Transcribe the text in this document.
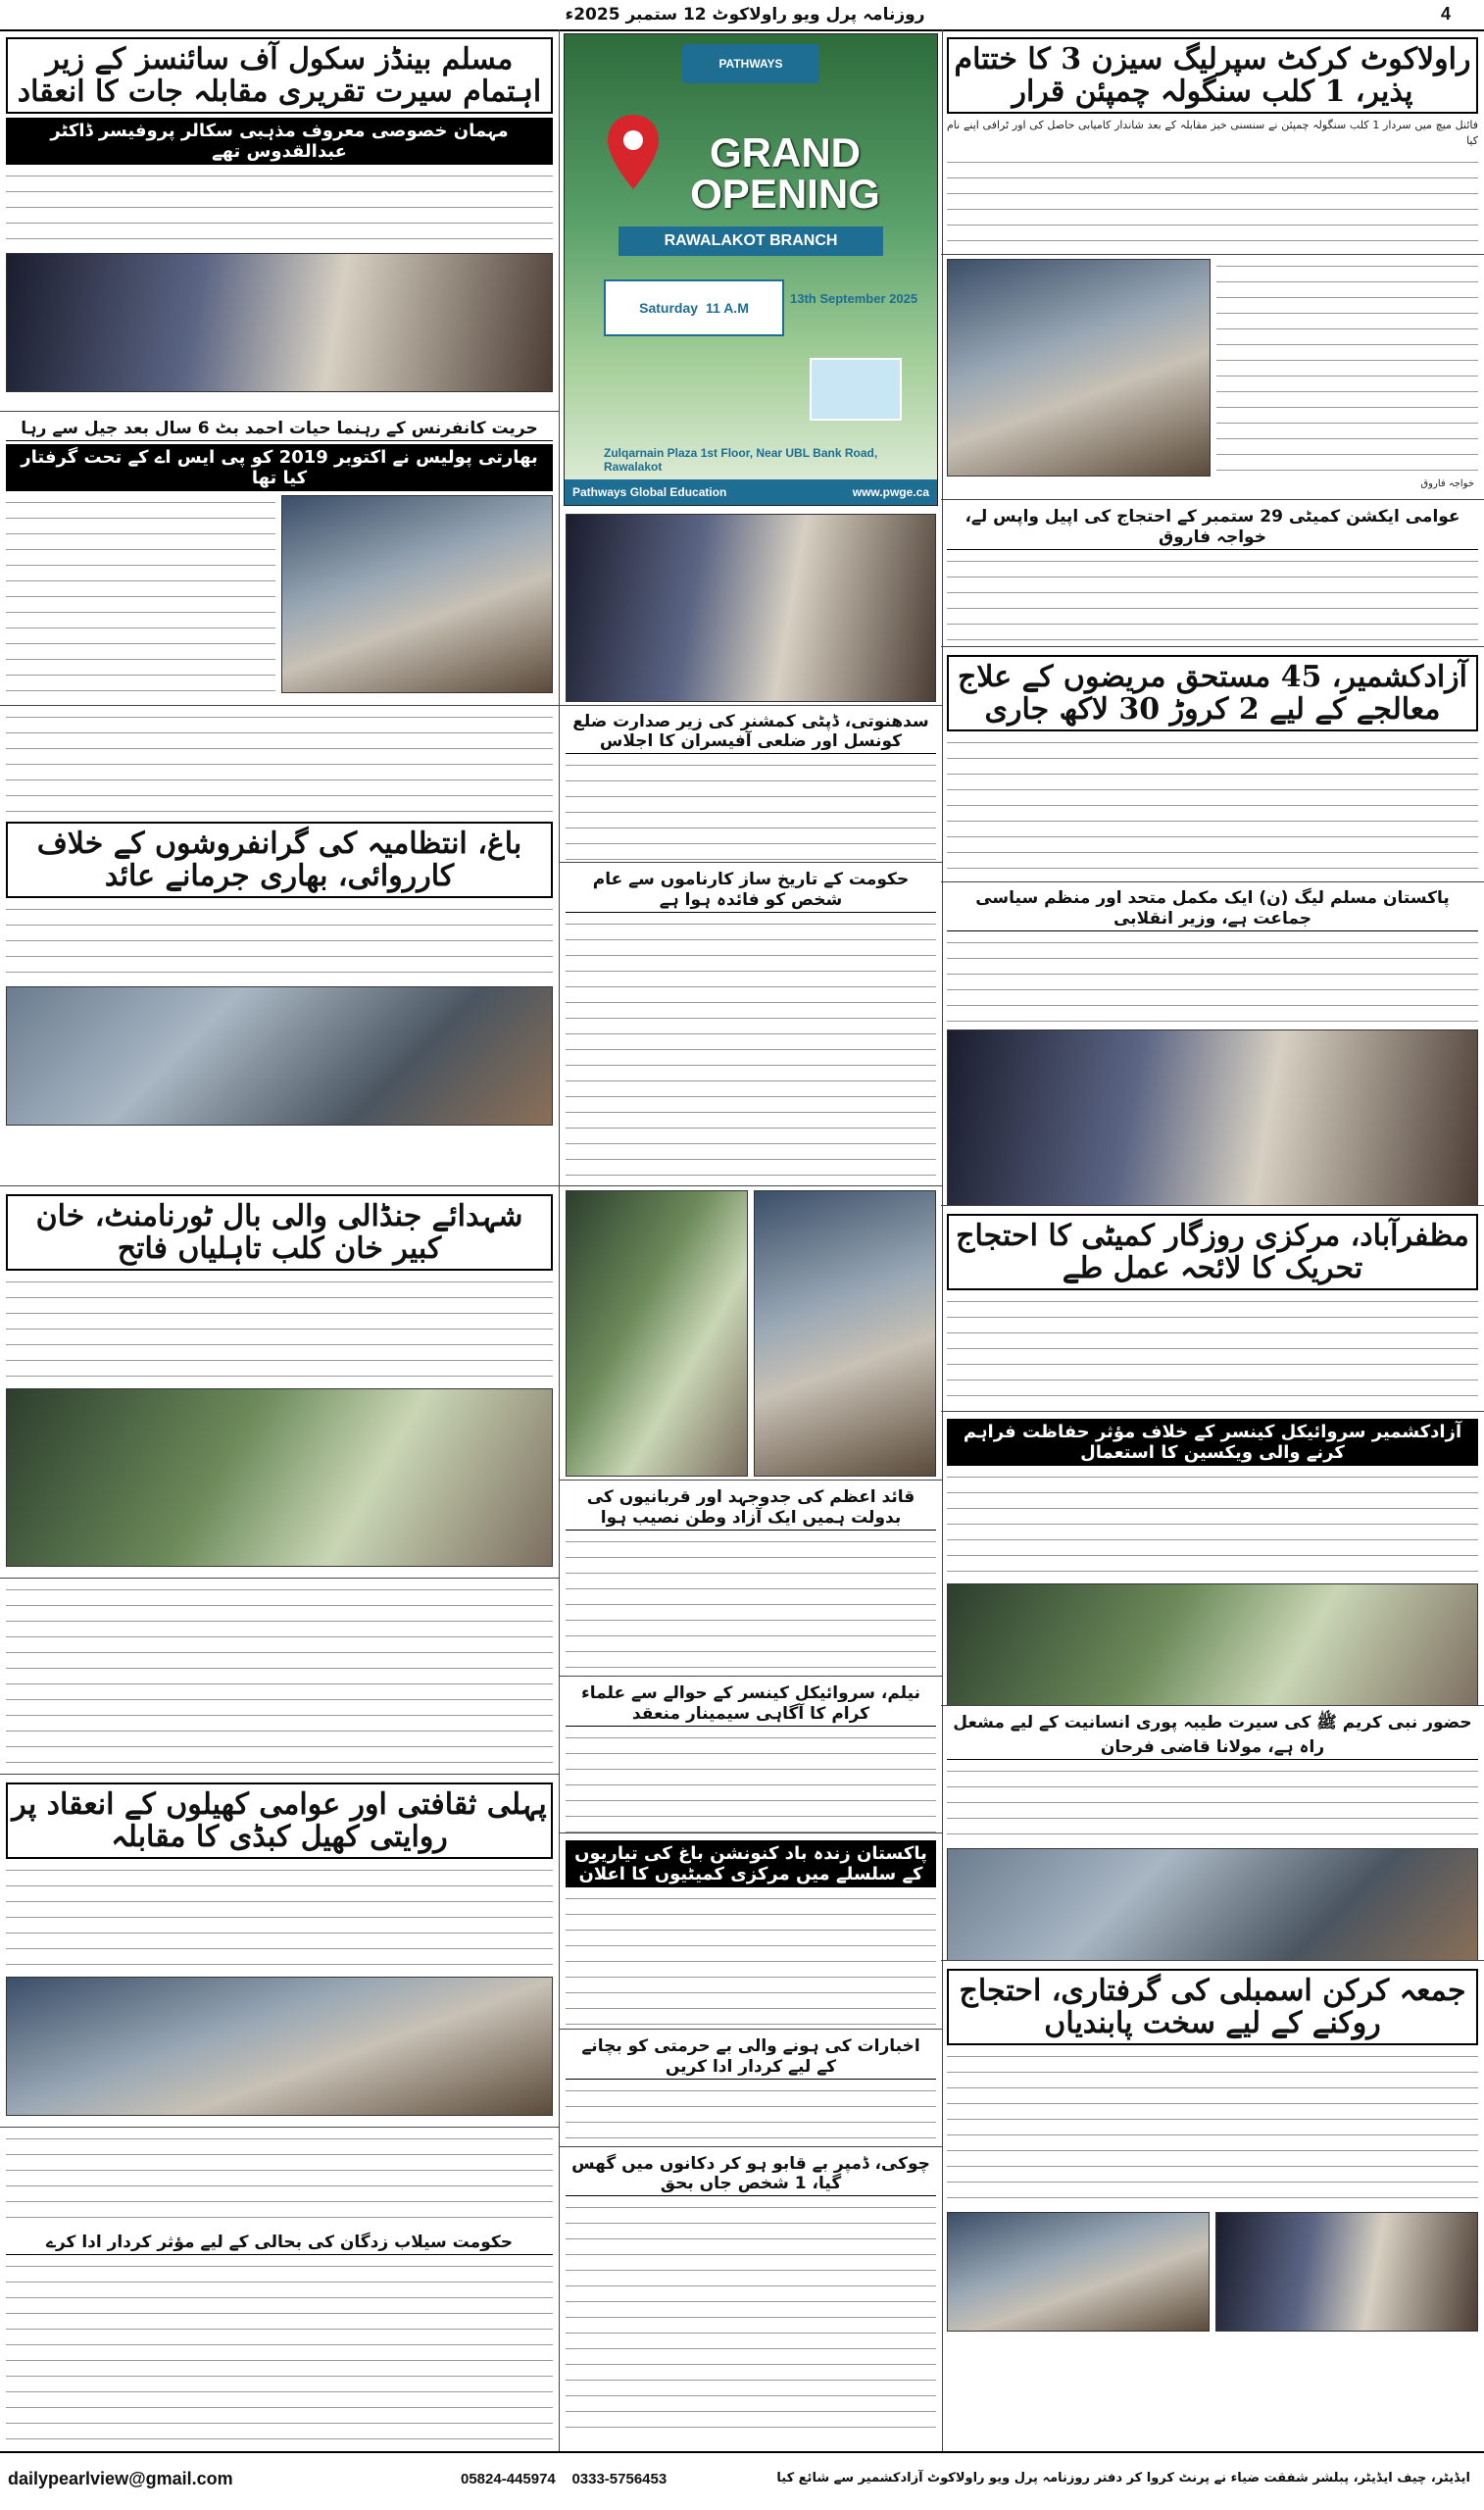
4
روزنامہ پرل ویو راولاکوٹ 12 ستمبر 2025ء
راولاکوٹ کرکٹ سپرلیگ سیزن 3 کا ختتام پذیر، 1 کلب سنگولہ چمپئن قرار
فائنل میچ میں سردار 1 کلب سنگولہ چمپئن نے سنسنی خیز مقابلہ کے بعد شاندار کامیابی حاصل کی اور ٹرافی اپنے نام کیا
خواجہ فاروق
عوامی ایکشن کمیٹی 29 ستمبر کے احتجاج کی اپیل واپس لے، خواجہ فاروق
آزادکشمیر، 45 مستحق مریضوں کے علاج معالجے کے لیے 2 کروڑ 30 لاکھ جاری
پاکستان مسلم لیگ (ن) ایک مکمل متحد اور منظم سیاسی جماعت ہے، وزیر انقلابی
مظفرآباد، مرکزی روزگار کمیٹی کا احتجاج تحریک کا لائحہ عمل طے
آزادکشمیر سروائیکل کینسر کے خلاف مؤثر حفاظت فراہم کرنے والی ویکسین کا استعمال
حضور نبی کریم ﷺ کی سیرت طیبہ پوری انسانیت کے لیے مشعل راہ ہے، مولانا قاضی فرحان
جمعہ کرکن اسمبلی کی گرفتاری، احتجاج روکنے کے لیے سخت پابندیاں
PATHWAYS
GRAND OPENING
RAWALAKOT BRANCH
Saturday 11 A.M
13th September 2025
Zulqarnain Plaza 1st Floor, Near UBL Bank Road, Rawalakot
Pathways Global Education	www.pwge.ca
سدھنوتی، ڈپٹی کمشنر کی زیر صدارت ضلع کونسل اور ضلعی آفیسران کا اجلاس
حکومت کے تاریخ ساز کارناموں سے عام شخص کو فائدہ ہوا ہے
قائد اعظم کی جدوجہد اور قربانیوں کی بدولت ہمیں ایک آزاد وطن نصیب ہوا
نیلم، سروائیکل کینسر کے حوالے سے علماء کرام کا آگاہی سیمینار منعقد
پاکستان زندہ باد کنونشن باغ کی تیاریوں کے سلسلے میں مرکزی کمیٹیوں کا اعلان
اخبارات کی ہونے والی بے حرمتی کو بچانے کے لیے کردار ادا کریں
چوکی، ڈمپر بے قابو ہو کر دکانوں میں گھس گیا، 1 شخص جاں بحق
مسلم بینڈز سکول آف سائنسز کے زیر اہتمام سیرت تقریری مقابلہ جات کا انعقاد
مہمان خصوصی معروف مذہبی سکالر پروفیسر ڈاکٹر عبدالقدوس تھے
حریت کانفرنس کے رہنما حیات احمد بٹ 6 سال بعد جیل سے رہا
بھارتی پولیس نے اکتوبر 2019 کو پی ایس اے کے تحت گرفتار کیا تھا
باغ، انتظامیہ کی گرانفروشوں کے خلاف کارروائی، بھاری جرمانے عائد
شہدائے جنڈالی والی بال ٹورنامنٹ، خان کبیر خان کلب تاہلیاں فاتح
پہلی ثقافتی اور عوامی کھیلوں کے انعقاد پر روایتی کھیل کبڈی کا مقابلہ
حکومت سیلاب زدگان کی بحالی کے لیے مؤثر کردار ادا کرے
dailypearlview@gmail.com	05824-445974 0333-5756453	ایڈیٹر، چیف ایڈیٹر، پبلشر شفقت ضیاء نے پرنٹ کروا کر دفتر روزنامہ پرل ویو راولاکوٹ آزادکشمیر سے شائع کیا
